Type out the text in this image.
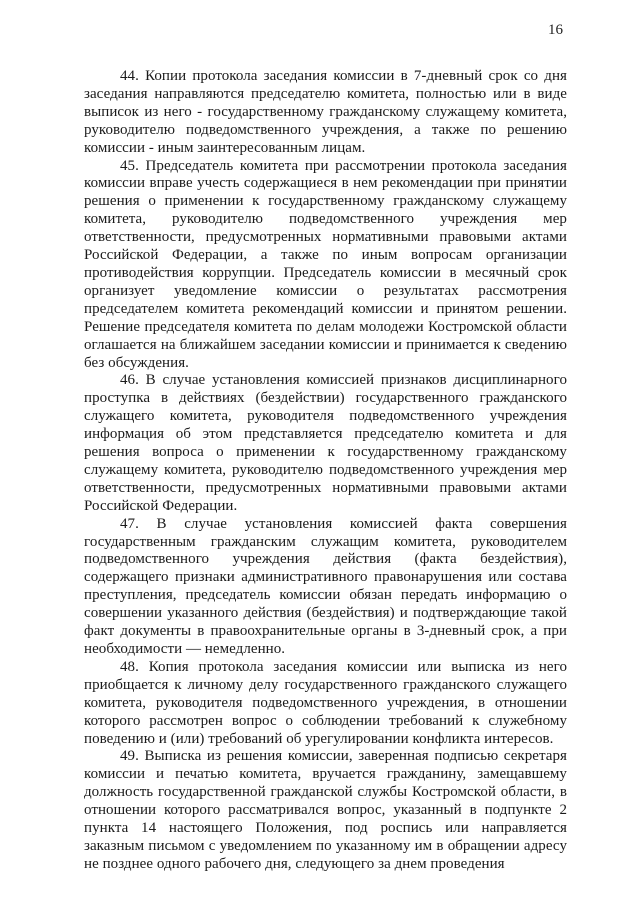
16

44. Копии протокола заседания комиссии в 7-дневный срок со дня заседания направляются председателю комитета, полностью или в виде выписок из него - государственному гражданскому служащему комитета, руководителю подведомственного учреждения, а также по решению комиссии - иным заинтересованным лицам.

45. Председатель комитета при рассмотрении протокола заседания комиссии вправе учесть содержащиеся в нем рекомендации при принятии решения о применении к государственному гражданскому служащему комитета, руководителю подведомственного учреждения мер ответственности, предусмотренных нормативными правовыми актами Российской Федерации, а также по иным вопросам организации противодействия коррупции. Председатель комиссии в месячный срок организует уведомление комиссии о результатах рассмотрения председателем комитета рекомендаций комиссии и принятом решении. Решение председателя комитета по делам молодежи Костромской области оглашается на ближайшем заседании комиссии и принимается к сведению без обсуждения.

46. В случае установления комиссией признаков дисциплинарного проступка в действиях (бездействии) государственного гражданского служащего комитета, руководителя подведомственного учреждения информация об этом представляется председателю комитета и для решения вопроса о применении к государственному гражданскому служащему комитета, руководителю подведомственного учреждения мер ответственности, предусмотренных нормативными правовыми актами Российской Федерации.

47. В случае установления комиссией факта совершения государственным гражданским служащим комитета, руководителем подведомственного учреждения действия (факта бездействия), содержащего признаки административного правонарушения или состава преступления, председатель комиссии обязан передать информацию о совершении указанного действия (бездействия) и подтверждающие такой факт документы в правоохранительные органы в 3-дневный срок, а при необходимости — немедленно.

48. Копия протокола заседания комиссии или выписка из него приобщается к личному делу государственного гражданского служащего комитета, руководителя подведомственного учреждения, в отношении которого рассмотрен вопрос о соблюдении требований к служебному поведению и (или) требований об урегулировании конфликта интересов.

49. Выписка из решения комиссии, заверенная подписью секретаря комиссии и печатью комитета, вручается гражданину, замещавшему должность государственной гражданской службы Костромской области, в отношении которого рассматривался вопрос, указанный в подпункте 2 пункта 14 настоящего Положения, под роспись или направляется заказным письмом с уведомлением по указанному им в обращении адресу не позднее одного рабочего дня, следующего за днем проведения
